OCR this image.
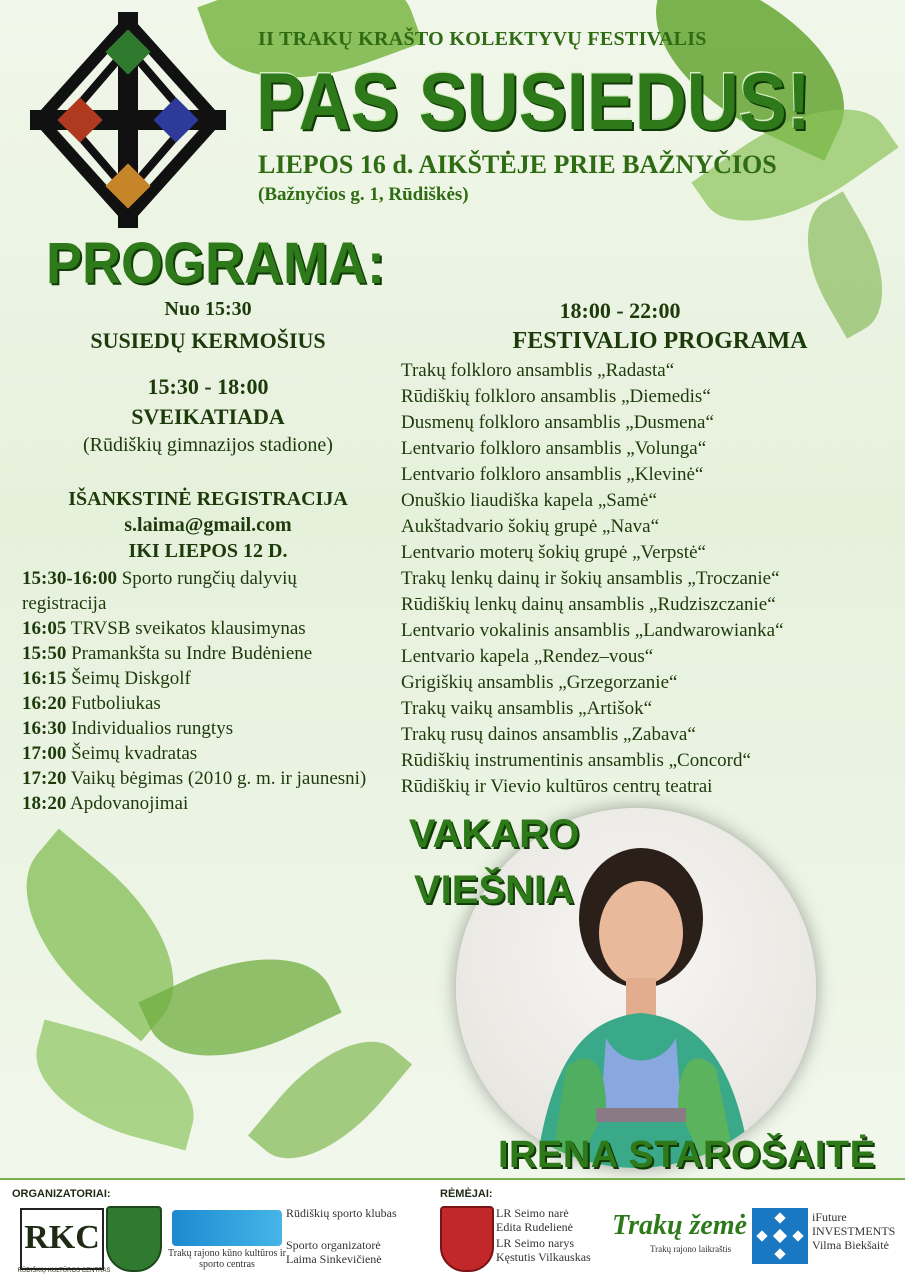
II TRAKŲ KRAŠTO KOLEKTYVŲ FESTIVALIS
PAS SUSIEDUS!
LIEPOS 16 d. AIKŠTĖJE PRIE BAŽNYČIOS
(Bažnyčios g. 1, Rūdiškės)
PROGRAMA:
Nuo 15:30
SUSIEDŲ KERMOŠIUS
15:30 - 18:00
SVEIKATIADA
(Rūdiškių gimnazijos stadione)
IŠANKSTINĖ REGISTRACIJA
s.laima@gmail.com
IKI LIEPOS 12 D.
15:30-16:00 Sporto rungčių dalyvių registracija
16:05 TRVSB sveikatos klausimynas
15:50 Pramankšta su Indre Budėniene
16:15 Šeimų Diskgolf
16:20 Futboliukas
16:30 Individualios rungtys
17:00 Šeimų kvadratas
17:20 Vaikų bėgimas (2010 g. m. ir jaunesni)
18:20 Apdovanojimai
18:00 - 22:00
FESTIVALIO PROGRAMA
Trakų folkloro ansamblis „Radasta“
Rūdiškių folkloro ansamblis „Diemedis“
Dusmenų folkloro ansamblis „Dusmena“
Lentvario folkloro ansamblis „Volunga“
Lentvario folkloro ansamblis „Klevinė“
Onuškio liaudiška kapela „Samė“
Aukštadvario šokių grupė „Nava“
Lentvario moterų šokių grupė „Verpstė“
Trakų lenkų dainų ir šokių ansamblis „Troczanie“
Rūdiškių lenkų dainų ansamblis „Rudziszczanie“
Lentvario vokalinis ansamblis „Landwarowianka“
Lentvario kapela „Rendez–vous“
Grigiškių ansamblis „Grzegorzanie“
Trakų vaikų ansamblis „Artišok“
Trakų rusų dainos ansamblis „Zabava“
Rūdiškių instrumentinis ansamblis „Concord“
Rūdiškių ir Vievio kultūros centrų teatrai
VAKARO
VIEŠNIA
IRENA STAROŠAITĖ
ORGANIZATORIAI:
RKC
RŪDIŠKIŲ KULTŪROS CENTRAS
Trakų rajono kūno kultūros ir sporto centras
Rūdiškių sporto klubas
Sporto organizatorė
Laima Sinkevičienė
RĖMĖJAI:
LR Seimo narė
Edita Rudelienė
LR Seimo narys
Kęstutis Vilkauskas
Trakų žemė
Trakų rajono laikraštis
iFuture
INVESTMENTS
Vilma Biekšaitė
